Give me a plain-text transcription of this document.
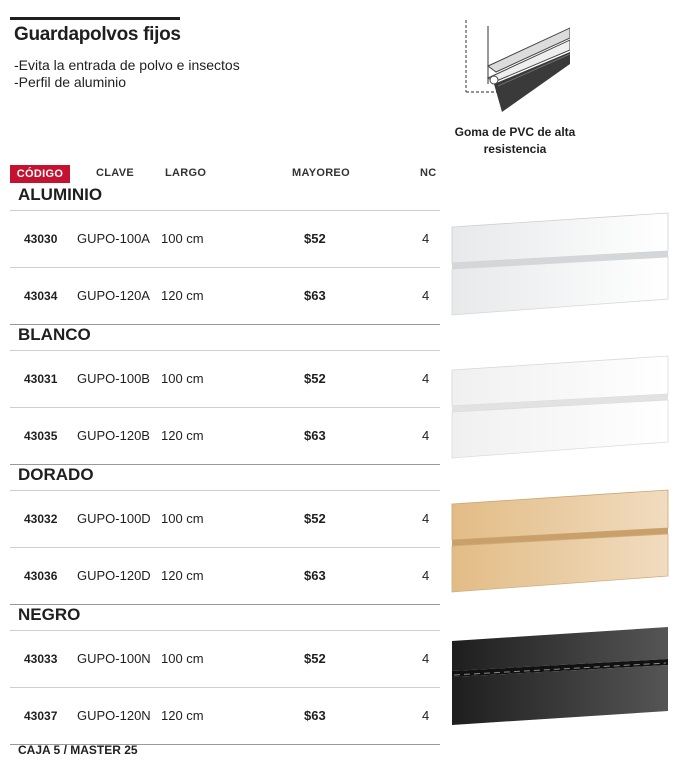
Guardapolvos fijos
-Evita la entrada de polvo e insectos
-Perfil de aluminio
Goma de PVC de alta
resistencia
CÓDIGO	CLAVE	LARGO	MAYOREO	NC
ALUMINIO
43030 GUPO-100A 100 cm	$52	4
43034 GUPO-120A 120 cm	$63	4
BLANCO
43031 GUPO-100B 100 cm	$52	4
43035 GUPO-120B 120 cm	$63	4
DORADO
43032 GUPO-100D 100 cm	$52	4
43036 GUPO-120D 120 cm	$63	4
NEGRO
43033 GUPO-100N 100 cm	$52	4
43037 GUPO-120N 120 cm	$63	4
CAJA 5 / MASTER 25
